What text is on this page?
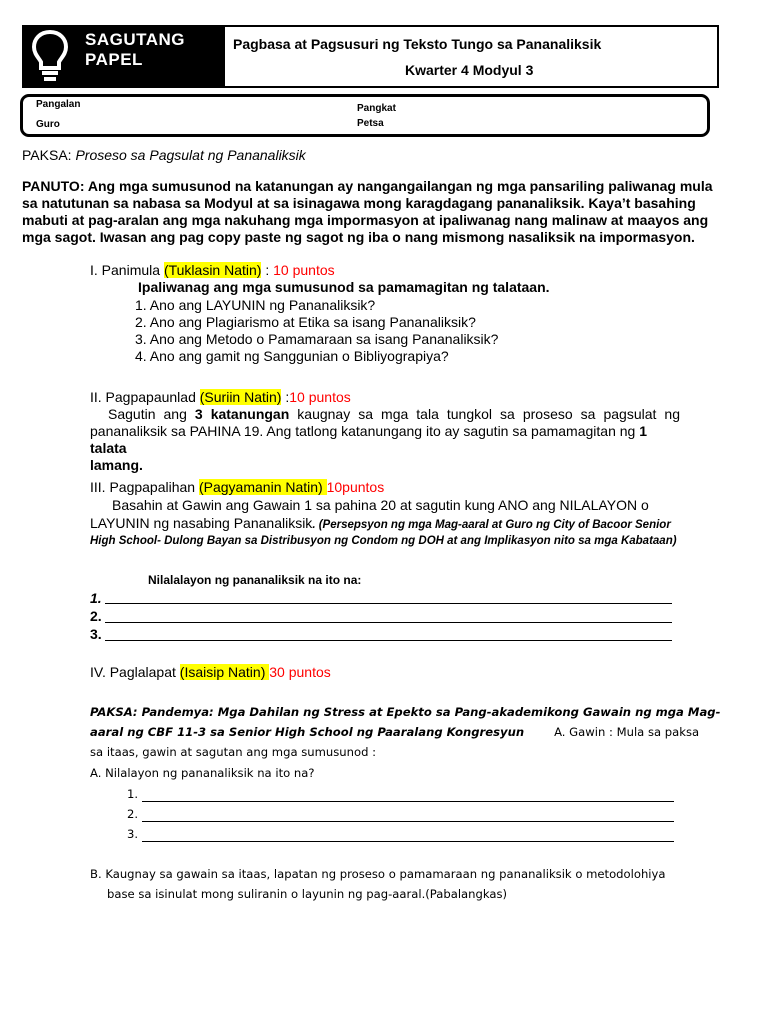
SAGUTANG
PAPEL
Pagbasa at Pagsusuri ng Teksto Tungo sa Pananaliksik
Kwarter 4 Modyul 3
Pangalan
Guro
Pangkat
Petsa
PAKSA: Proseso sa Pagsulat ng Pananaliksik
PANUTO: Ang mga sumusunod na katanungan ay nangangailangan ng mga pansariling paliwanag mula
sa natutunan sa nabasa sa Modyul at sa isinagawa mong karagdagang pananaliksik. Kaya’t basahing
mabuti at pag-aralan ang mga nakuhang mga impormasyon at ipaliwanag nang malinaw at maayos ang
mga sagot. Iwasan ang pag copy paste ng sagot ng iba o nang mismong nasaliksik na impormasyon.
I. Panimula (Tuklasin Natin) : 10 puntos
Ipaliwanag ang mga sumusunod sa pamamagitan ng talataan.
1. Ano ang LAYUNIN ng Pananaliksik?
2. Ano ang Plagiarismo at Etika sa isang Pananaliksik?
3. Ano ang Metodo o Pamamaraan sa isang Pananaliksik?
4. Ano ang gamit ng Sanggunian o Bibliyograpiya?
II. Pagpapaunlad (Suriin Natin) :10 puntos
Sagutin ang 3 katanungan kaugnay sa mga tala tungkol sa proseso sa pagsulat ng
pananaliksik sa PAHINA 19. Ang tatlong katanungang ito ay sagutin sa pamamagitan ng 1 talata
lamang.
III. Pagpapalihan (Pagyamanin Natin) 10puntos
Basahin at Gawin ang Gawain 1 sa pahina 20 at sagutin kung ANO ang NILALAYON o
LAYUNIN ng nasabing Pananaliksik. (Persepsyon ng mga Mag-aaral at Guro ng City of Bacoor Senior
High School- Dulong Bayan sa Distribusyon ng Condom ng DOH at ang Implikasyon nito sa mga Kabataan)
Nilalalayon ng pananaliksik na ito na:
1.
2.
3.
IV. Paglalapat (Isaisip Natin) 30 puntos
PAKSA: Pandemya: Mga Dahilan ng Stress at Epekto sa Pang-akademikong Gawain ng mga Mag-
aaral ng CBF 11-3 sa Senior High School ng Paaralang Kongresyun	A. Gawin : Mula sa paksa
sa itaas, gawin at sagutan ang mga sumusunod :
A. Nilalayon ng pananaliksik na ito na?
1.
2.
3.
B. Kaugnay sa gawain sa itaas, lapatan ng proseso o pamamaraan ng pananaliksik o metodolohiya
base sa isinulat mong suliranin o layunin ng pag-aaral.(Pabalangkas)
